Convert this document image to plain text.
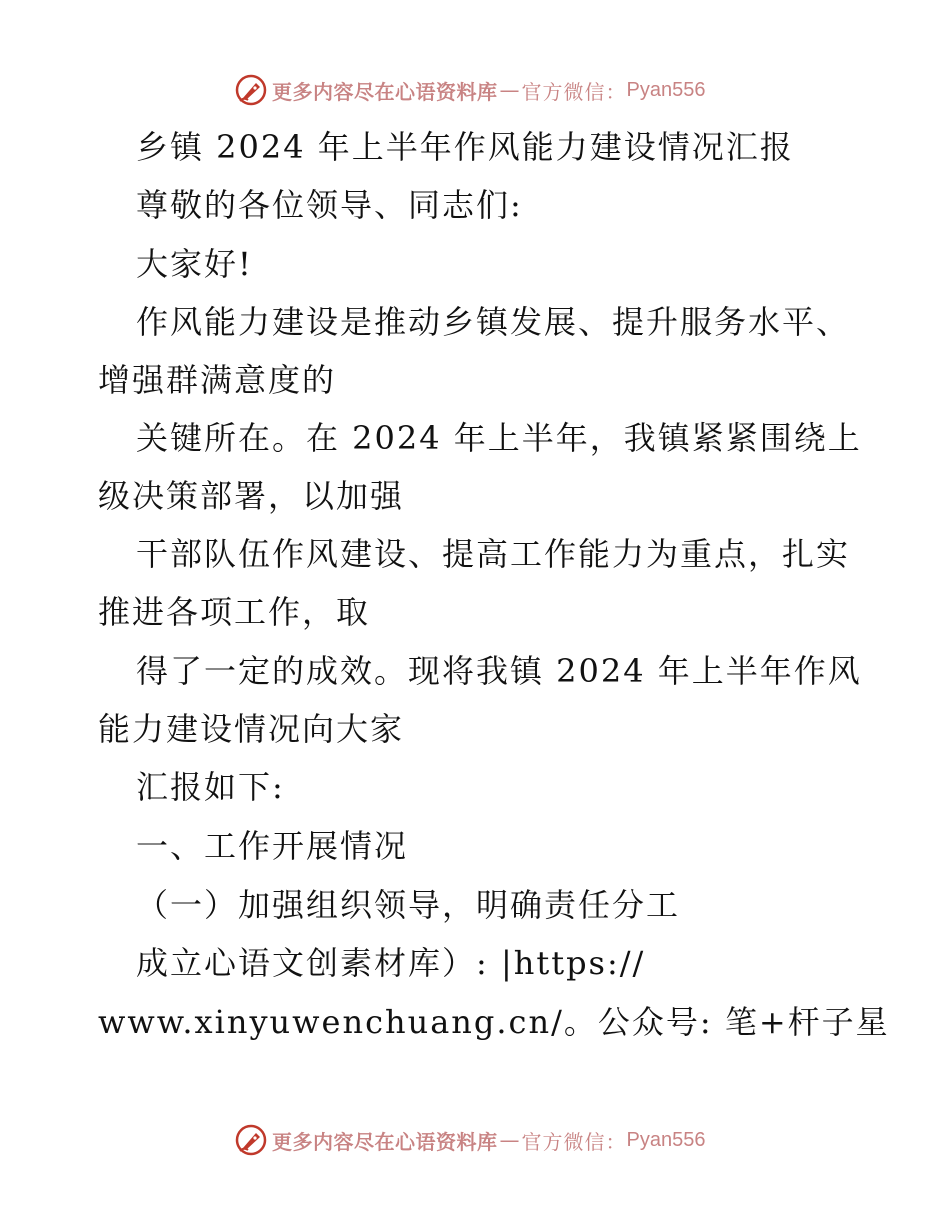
更多内容尽在心语资料库 — 官方微信： Pyan556
乡镇 2024 年上半年作风能力建设情况汇报
尊敬的各位领导、同志们:
大家好!
作风能力建设是推动乡镇发展、提升服务水平、
增强群满意度的
关键所在。在 2024 年上半年，我镇紧紧围绕上
级决策部署，以加强
干部队伍作风建设、提高工作能力为重点，扎实
推进各项工作，取
得了一定的成效。现将我镇 2024 年上半年作风
能力建设情况向大家
汇报如下:
一、工作开展情况
（一）加强组织领导，明确责任分工
成立心语文创素材库）: |https://
www.xinyuwenchuang.cn/。公众号: 笔+杆子星
更多内容尽在心语资料库 — 官方微信： Pyan556
